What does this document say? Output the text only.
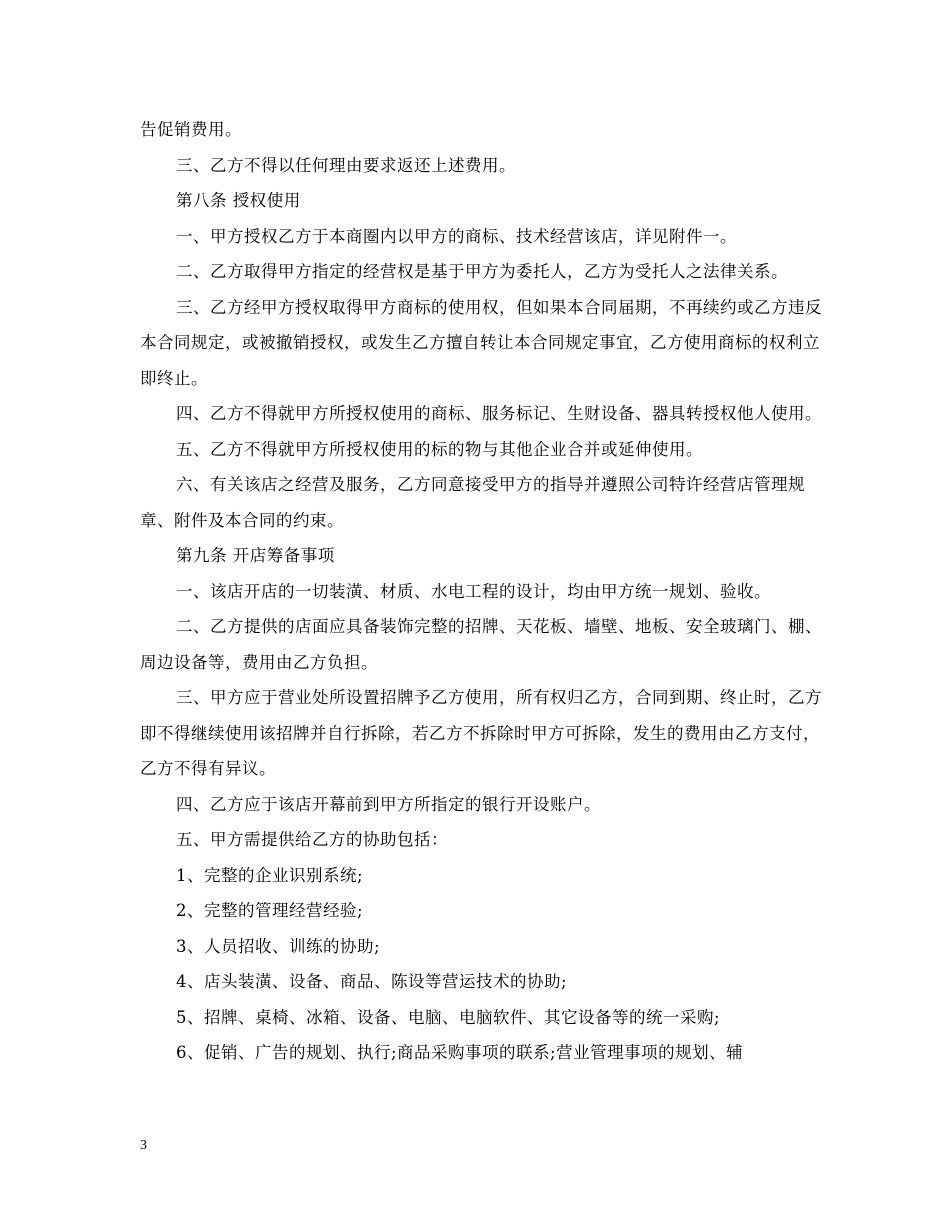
告促销费用。

三、乙方不得以任何理由要求返还上述费用。

第八条 授权使用

一、甲方授权乙方于本商圈内以甲方的商标、技术经营该店，详见附件一。

二、乙方取得甲方指定的经营权是基于甲方为委托人，乙方为受托人之法律关系。

三、乙方经甲方授权取得甲方商标的使用权，但如果本合同届期，不再续约或乙方违反本合同规定，或被撤销授权，或发生乙方擅自转让本合同规定事宜，乙方使用商标的权利立即终止。

四、乙方不得就甲方所授权使用的商标、服务标记、生财设备、器具转授权他人使用。

五、乙方不得就甲方所授权使用的标的物与其他企业合并或延伸使用。

六、有关该店之经营及服务，乙方同意接受甲方的指导并遵照公司特许经营店管理规章、附件及本合同的约束。

第九条 开店筹备事项

一、该店开店的一切装潢、材质、水电工程的设计，均由甲方统一规划、验收。

二、乙方提供的店面应具备装饰完整的招牌、天花板、墙壁、地板、安全玻璃门、棚、周边设备等，费用由乙方负担。

三、甲方应于营业处所设置招牌予乙方使用，所有权归乙方，合同到期、终止时，乙方即不得继续使用该招牌并自行拆除，若乙方不拆除时甲方可拆除，发生的费用由乙方支付，乙方不得有异议。

四、乙方应于该店开幕前到甲方所指定的银行开设账户。

五、甲方需提供给乙方的协助包括：

1、完整的企业识别系统;

2、完整的管理经营经验;

3、人员招收、训练的协助;

4、店头装潢、设备、商品、陈设等营运技术的协助;

5、招牌、桌椅、冰箱、设备、电脑、电脑软件、其它设备等的统一采购;

6、促销、广告的规划、执行;商品采购事项的联系;营业管理事项的规划、辅

3
